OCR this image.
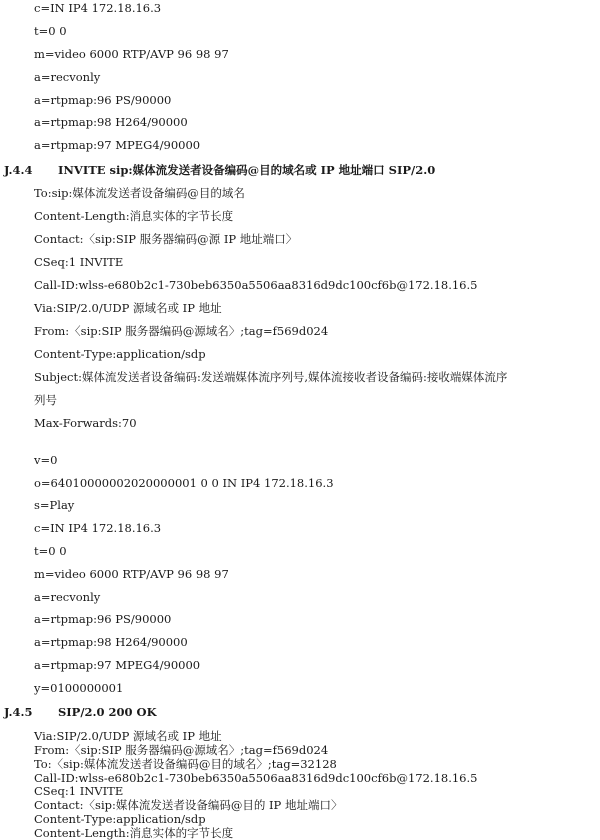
c=IN IP4 172.18.16.3
t=0 0
m=video 6000 RTP/AVP 96 98 97
a=recvonly
a=rtpmap:96 PS/90000
a=rtpmap:98 H264/90000
a=rtpmap:97 MPEG4/90000
J.4.4 INVITE sip:媒体流发送者设备编码@目的域名或 IP 地址端口 SIP/2.0
To:sip:媒体流发送者设备编码@目的域名
Content-Length:消息实体的字节长度
Contact:〈sip:SIP 服务器编码@源 IP 地址端口〉
CSeq:1 INVITE
Call-ID:wlss-e680b2c1-730beb6350a5506aa8316d9dc100cf6b@172.18.16.5
Via:SIP/2.0/UDP 源域名或 IP 地址
From:〈sip:SIP 服务器编码@源域名〉;tag=f569d024
Content-Type:application/sdp
Subject:媒体流发送者设备编码:发送端媒体流序列号,媒体流接收者设备编码:接收端媒体流序
列号
Max-Forwards:70
v=0
o=64010000002020000001 0 0 IN IP4 172.18.16.3
s=Play
c=IN IP4 172.18.16.3
t=0 0
m=video 6000 RTP/AVP 96 98 97
a=recvonly
a=rtpmap:96 PS/90000
a=rtpmap:98 H264/90000
a=rtpmap:97 MPEG4/90000
y=0100000001
J.4.5 SIP/2.0 200 OK
Via:SIP/2.0/UDP 源域名或 IP 地址
From:〈sip:SIP 服务器编码@源域名〉;tag=f569d024
To:〈sip:媒体流发送者设备编码@目的域名〉;tag=32128
Call-ID:wlss-e680b2c1-730beb6350a5506aa8316d9dc100cf6b@172.18.16.5
CSeq:1 INVITE
Contact:〈sip:媒体流发送者设备编码@目的 IP 地址端口〉
Content-Type:application/sdp
Content-Length:消息实体的字节长度
